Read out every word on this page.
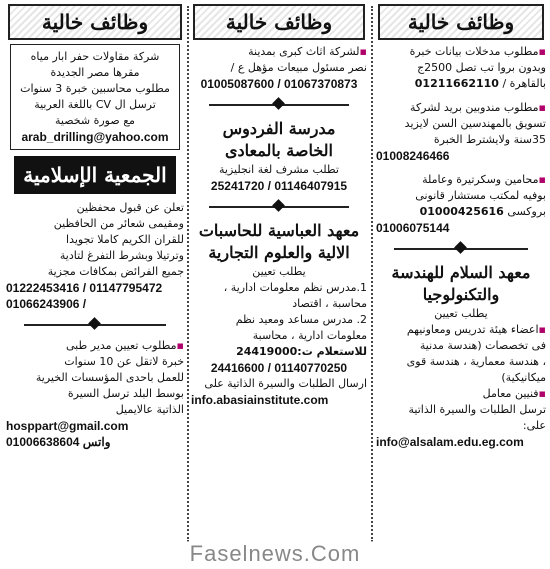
وظائف خالية
▪ مطلوب مدخلات بيانات خبرة
وبدون بروا تب تصل 2500ج
بالقاهرة / 01211662110
▪ مطلوب مندوبين بريد لشركة
تسويق بالمهندسين السن لايزيد
35سنة ولايشترط الخبرة
01008246466
▪ محامين وسكرتيرة وعاملة
بوفيه لمكتب مستشار قانونى
بروكسى 01000425616
01006075144
معهد السلام للهندسة
والتكنولوجيا
يطلب تعيين
▪ اعضاء هيئة تدريس ومعاونيهم
فى تخصصات (هندسة مدنية
، هندسة معمارية ، هندسة قوى
ميكانيكية)
▪ فنيين معامل
ترسل الطلبات والسيرة الذاتية
على:
info@alsalam.edu.eg.com
وظائف خالية
▪ لشركة اثاث كبرى بمدينة
نصر مسئول مبيعات مؤهل ع /
01005087600 / 01067370873
مدرسة الفردوس
الخاصة بالمعادى
تطلب مشرف لغة انجليزية
25241720 / 01146407915
معهد العباسية للحاسبات
الالية والعلوم التجارية
يطلب تعيين
1.مدرس نظم معلومات ادارية ،
محاسبة ، اقتصاد
2. مدرس مساعد ومعيد نظم
معلومات ادارية ، محاسبة
للاستعلام ت:24419000
24416600 / 01140770250
ارسال الطلبات والسيرة الذاتية على
info.abasiainstitute.com
وظائف خالية
شركة مقاولات حفر ابار مياه
مقرها مصر الجديدة
مطلوب محاسبين خبرة 3 سنوات
ترسل ال CV باللغة العربية
مع صورة شخصية
arab_drilling@yahoo.com
الجمعية الإسلامية
تعلن عن قبول محفظين
ومقيمى شعائر من الحافظين
للقران الكريم كاملا تجويدا
وترتيلا وبشرط التفرغ لتادية
جميع الفرائض بمكافات مجزية
01222453416 / 01147795472
01066243906 /
▪ مطلوب تعيين مدير طبى
خبرة لاتقل عن 10 سنوات
للعمل باحدى المؤسسات الخيرية
بوسط البلد ترسل السيرة
الذاتية عالايميل
hosppart@gmail.com
01006638604 واتس
Faselnews.Com
